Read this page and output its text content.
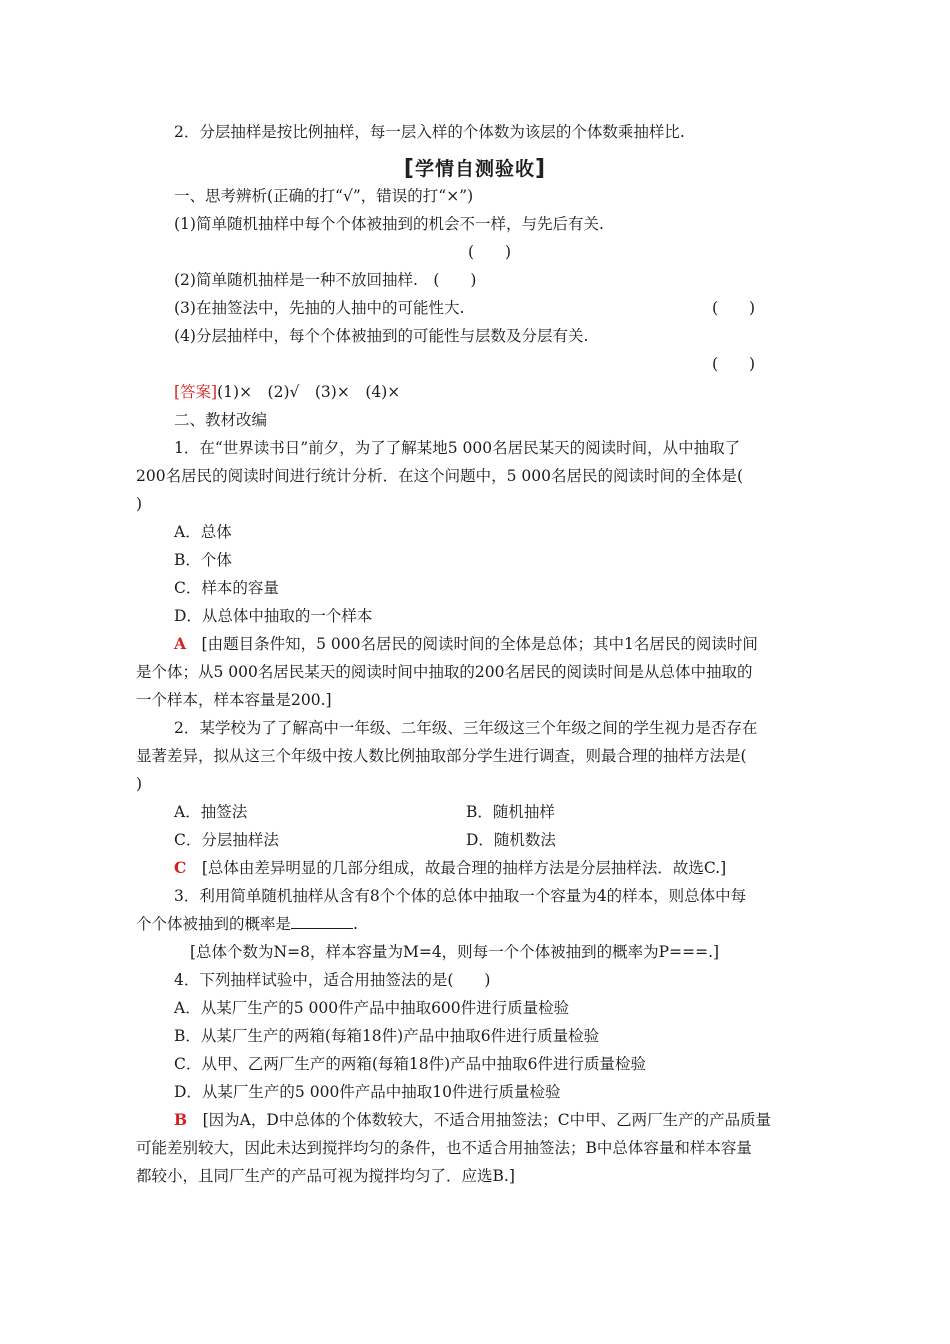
2．分层抽样是按比例抽样，每一层入样的个体数为该层的个体数乘抽样比.
[学情自测验收]
一、思考辨析(正确的打“√”，错误的打“×”)
(1)简单随机抽样中每个个体被抽到的机会不一样，与先后有关.
(　　)
(2)简单随机抽样是一种不放回抽样.　(　　)
(3)在抽签法中，先抽的人抽中的可能性大.	(　　)
(4)分层抽样中，每个个体被抽到的可能性与层数及分层有关.
(　　)
[答案](1)×　(2)√　(3)×　(4)×
二、教材改编
1．在“世界读书日”前夕，为了了解某地5 000名居民某天的阅读时间，从中抽取了
200名居民的阅读时间进行统计分析．在这个问题中，5 000名居民的阅读时间的全体是(
)
A．总体
B．个体
C．样本的容量
D．从总体中抽取的一个样本
A　 [由题目条件知，5 000名居民的阅读时间的全体是总体；其中1名居民的阅读时间
是个体；从5 000名居民某天的阅读时间中抽取的200名居民的阅读时间是从总体中抽取的
一个样本，样本容量是200.]
2．某学校为了了解高中一年级、二年级、三年级这三个年级之间的学生视力是否存在
显著差异，拟从这三个年级中按人数比例抽取部分学生进行调查，则最合理的抽样方法是(
)
A．抽签法	B．随机抽样
C．分层抽样法	D．随机数法
C　 [总体由差异明显的几部分组成，故最合理的抽样方法是分层抽样法．故选C.]
3．利用简单随机抽样从含有8个个体的总体中抽取一个容量为4的样本，则总体中每
个个体被抽到的概率是	.
[总体个数为N=8，样本容量为M=4，则每一个个体被抽到的概率为P===.]
4．下列抽样试验中，适合用抽签法的是(　　)
A．从某厂生产的5 000件产品中抽取600件进行质量检验
B．从某厂生产的两箱(每箱18件)产品中抽取6件进行质量检验
C．从甲、乙两厂生产的两箱(每箱18件)产品中抽取6件进行质量检验
D．从某厂生产的5 000件产品中抽取10件进行质量检验
B　 [因为A，D中总体的个体数较大，不适合用抽签法；C中甲、乙两厂生产的产品质量
可能差别较大，因此未达到搅拌均匀的条件，也不适合用抽签法；B中总体容量和样本容量
都较小，且同厂生产的产品可视为搅拌均匀了．应选B.]
